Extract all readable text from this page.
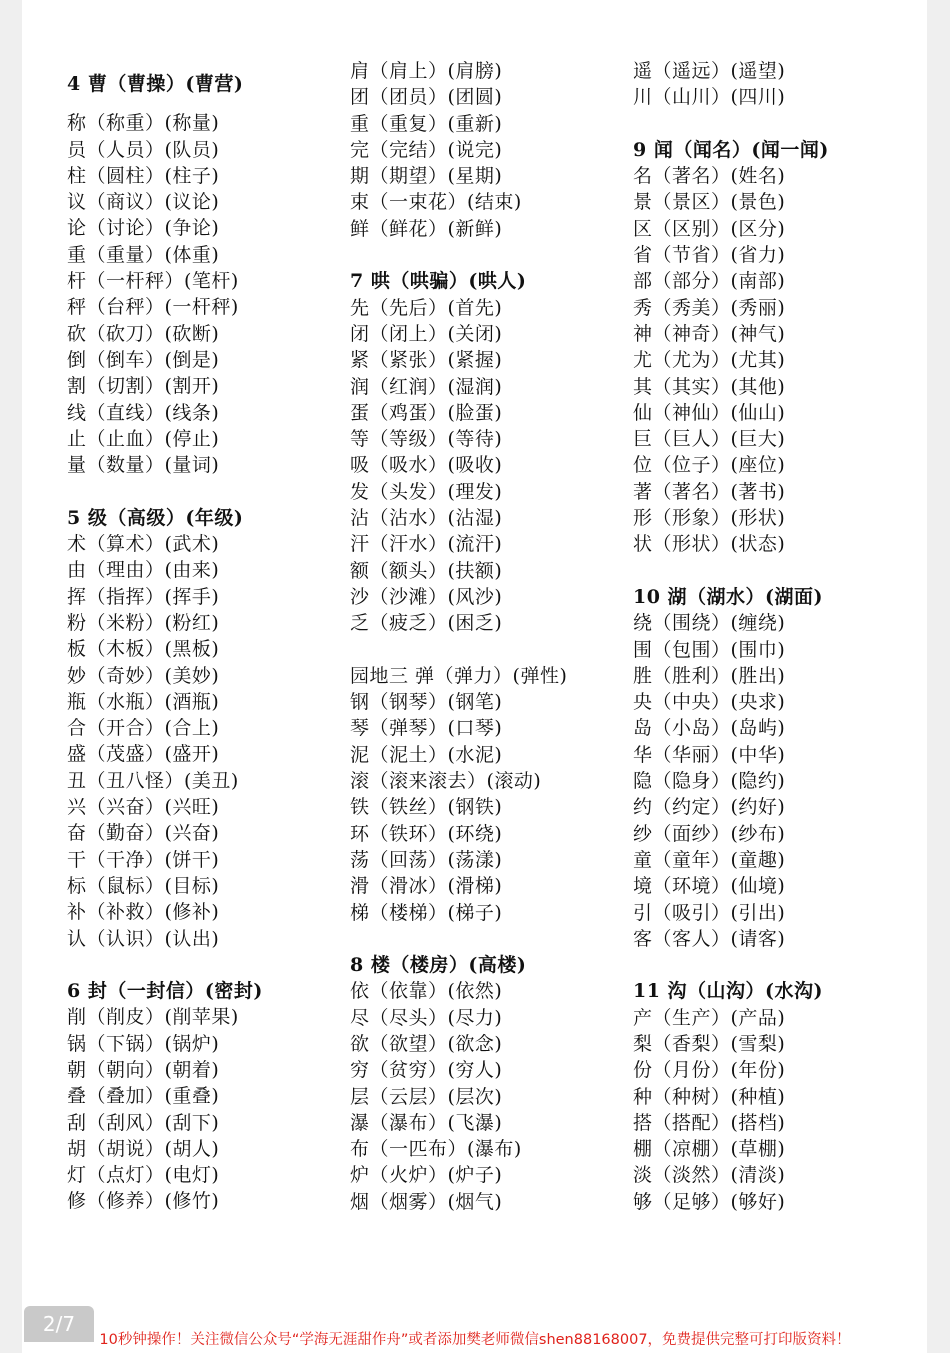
4 曹（曹操）(曹营)
称（称重）(称量)
员（人员）(队员)
柱（圆柱）(柱子)
议（商议）(议论)
论（讨论）(争论)
重（重量）(体重)
杆（一杆秤）(笔杆)
秤（台秤）(一杆秤)
砍（砍刀）(砍断)
倒（倒车）(倒是)
割（切割）(割开)
线（直线）(线条)
止（止血）(停止)
量（数量）(量词)
5 级（高级）(年级)
术（算术）(武术)
由（理由）(由来)
挥（指挥）(挥手)
粉（米粉）(粉红)
板（木板）(黑板)
妙（奇妙）(美妙)
瓶（水瓶）(酒瓶)
合（开合）(合上)
盛（茂盛）(盛开)
丑（丑八怪）(美丑)
兴（兴奋）(兴旺)
奋（勤奋）(兴奋)
干（干净）(饼干)
标（鼠标）(目标)
补（补救）(修补)
认（认识）(认出)
6 封（一封信）(密封)
削（削皮）(削苹果)
锅（下锅）(锅炉)
朝（朝向）(朝着)
叠（叠加）(重叠)
刮（刮风）(刮下)
胡（胡说）(胡人)
灯（点灯）(电灯)
修（修养）(修竹)
肩（肩上）(肩膀)
团（团员）(团圆)
重（重复）(重新)
完（完结）(说完)
期（期望）(星期)
束（一束花）(结束)
鲜（鲜花）(新鲜)
7 哄（哄骗）(哄人)
先（先后）(首先)
闭（闭上）(关闭)
紧（紧张）(紧握)
润（红润）(湿润)
蛋（鸡蛋）(脸蛋)
等（等级）(等待)
吸（吸水）(吸收)
发（头发）(理发)
沾（沾水）(沾湿)
汗（汗水）(流汗)
额（额头）(扶额)
沙（沙滩）(风沙)
乏（疲乏）(困乏)
园地三 弹（弹力）(弹性)
钢（钢琴）(钢笔)
琴（弹琴）(口琴)
泥（泥土）(水泥)
滚（滚来滚去）(滚动)
铁（铁丝）(钢铁)
环（铁环）(环绕)
荡（回荡）(荡漾)
滑（滑冰）(滑梯)
梯（楼梯）(梯子)
8 楼（楼房）(高楼)
依（依靠）(依然)
尽（尽头）(尽力)
欲（欲望）(欲念)
穷（贫穷）(穷人)
层（云层）(层次)
瀑（瀑布）(飞瀑)
布（一匹布）(瀑布)
炉（火炉）(炉子)
烟（烟雾）(烟气)
遥（遥远）(遥望)
川（山川）(四川)
9 闻（闻名）(闻一闻)
名（著名）(姓名)
景（景区）(景色)
区（区别）(区分)
省（节省）(省力)
部（部分）(南部)
秀（秀美）(秀丽)
神（神奇）(神气)
尤（尤为）(尤其)
其（其实）(其他)
仙（神仙）(仙山)
巨（巨人）(巨大)
位（位子）(座位)
著（著名）(著书)
形（形象）(形状)
状（形状）(状态)
10 湖（湖水）(湖面)
绕（围绕）(缠绕)
围（包围）(围巾)
胜（胜利）(胜出)
央（中央）(央求)
岛（小岛）(岛屿)
华（华丽）(中华)
隐（隐身）(隐约)
约（约定）(约好)
纱（面纱）(纱布)
童（童年）(童趣)
境（环境）(仙境)
引（吸引）(引出)
客（客人）(请客)
11 沟（山沟）(水沟)
产（生产）(产品)
梨（香梨）(雪梨)
份（月份）(年份)
种（种树）(种植)
搭（搭配）(搭档)
棚（凉棚）(草棚)
淡（淡然）(清淡)
够（足够）(够好)
2/7
10秒钟操作！关注微信公众号“学海无涯甜作舟”或者添加樊老师微信shen88168007，免费提供完整可打印版资料！
